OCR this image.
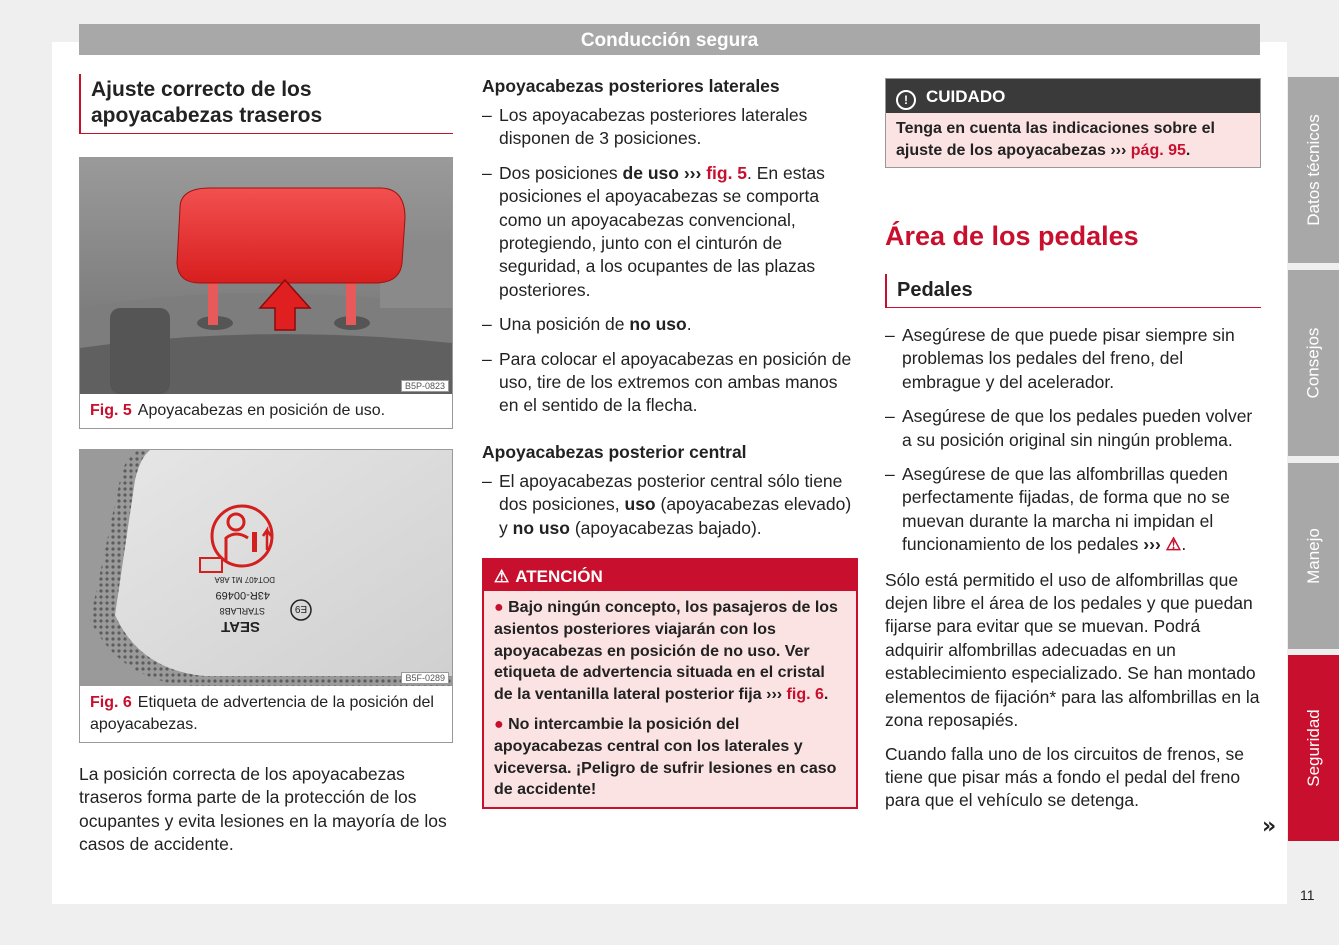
Conducción segura
Ajuste correcto de los apoyacabezas traseros
B5P-0823
Fig. 5 Apoyacabezas en posición de uso.
SEAT
STARLAB8
43R-00469
DOT407 M1 A8A
E9
B5F-0289
Fig. 6 Etiqueta de advertencia de la posición del apoyacabezas.

La posición correcta de los apoyacabezas traseros forma parte de la protección de los ocupantes y evita lesiones en la mayoría de los casos de accidente.

Apoyacabezas posteriores laterales
– Los apoyacabezas posteriores laterales disponen de 3 posiciones.
– Dos posiciones de uso ››› fig. 5. En estas posiciones el apoyacabezas se comporta como un apoyacabezas convencional, protegiendo, junto con el cinturón de seguridad, a los ocupantes de las plazas posteriores.
– Una posición de no uso.
– Para colocar el apoyacabezas en posición de uso, tire de los extremos con ambas manos en el sentido de la flecha.
Apoyacabezas posterior central
– El apoyacabezas posterior central sólo tiene dos posiciones, uso (apoyacabezas elevado) y no uso (apoyacabezas bajado).
⚠ ATENCIÓN
● Bajo ningún concepto, los pasajeros de los asientos posteriores viajarán con los apoyacabezas en posición de no uso. Ver etiqueta de advertencia situada en el cristal de la ventanilla lateral posterior fija ››› fig. 6.
● No intercambie la posición del apoyacabezas central con los laterales y viceversa. ¡Peligro de sufrir lesiones en caso de accidente!
! CUIDADO
Tenga en cuenta las indicaciones sobre el ajuste de los apoyacabezas ››› pág. 95.
Área de los pedales
Pedales
– Asegúrese de que puede pisar siempre sin problemas los pedales del freno, del embrague y del acelerador.
– Asegúrese de que los pedales pueden volver a su posición original sin ningún problema.
– Asegúrese de que las alfombrillas queden perfectamente fijadas, de forma que no se muevan durante la marcha ni impidan el funcionamiento de los pedales ››› ⚠.

Sólo está permitido el uso de alfombrillas que dejen libre el área de los pedales y que puedan fijarse para evitar que se muevan. Podrá adquirir alfombrillas adecuadas en un establecimiento especializado. Se han montado elementos de fijación* para las alfombrillas en la zona reposapiés.

Cuando falla uno de los circuitos de frenos, se tiene que pisar más a fondo el pedal del freno para que el vehículo se detenga.

»
Datos técnicos
Consejos
Manejo
Seguridad
11
